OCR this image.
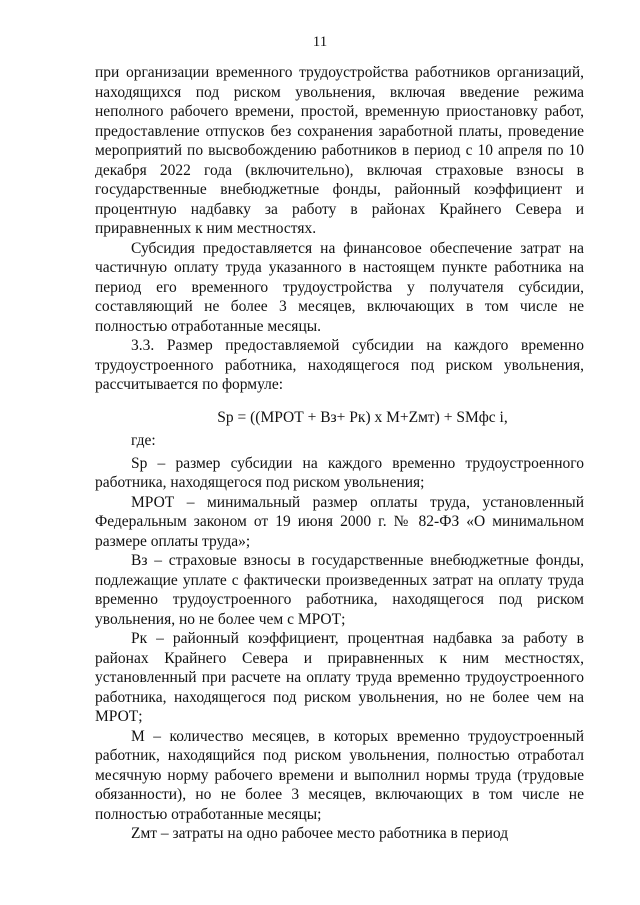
11

при организации временного трудоустройства работников организаций, находящихся под риском увольнения, включая введение режима неполного рабочего времени, простой, временную приостановку работ, предоставление отпусков без сохранения заработной платы, проведение мероприятий по высвобождению работников в период с 10 апреля по 10 декабря 2022 года (включительно), включая страховые взносы в государственные внебюджетные фонды, районный коэффициент и процентную надбавку за работу в районах Крайнего Севера и приравненных к ним местностях.

Субсидия предоставляется на финансовое обеспечение затрат на частичную оплату труда указанного в настоящем пункте работника на период его временного трудоустройства у получателя субсидии, составляющий не более 3 месяцев, включающих в том числе не полностью отработанные месяцы.

3.3. Размер предоставляемой субсидии на каждого временно трудоустроенного работника, находящегося под риском увольнения, рассчитывается по формуле:

Sp = ((МРОТ + Вз+ Рк) х М+Zмт) + SМфс i,

где:

Sp – размер субсидии на каждого временно трудоустроенного работника, находящегося под риском увольнения;

МРОТ – минимальный размер оплаты труда, установленный Федеральным законом от 19 июня 2000 г. № 82-ФЗ «О минимальном размере оплаты труда»;

Вз – страховые взносы в государственные внебюджетные фонды, подлежащие уплате с фактически произведенных затрат на оплату труда временно трудоустроенного работника, находящегося под риском увольнения, но не более чем с МРОТ;

Рк – районный коэффициент, процентная надбавка за работу в районах Крайнего Севера и приравненных к ним местностях, установленный при расчете на оплату труда временно трудоустроенного работника, находящегося под риском увольнения, но не более чем на МРОТ;

М – количество месяцев, в которых временно трудоустроенный работник, находящийся под риском увольнения, полностью отработал месячную норму рабочего времени и выполнил нормы труда (трудовые обязанности), но не более 3 месяцев, включающих в том числе не полностью отработанные месяцы;

Zмт – затраты на одно рабочее место работника в период
